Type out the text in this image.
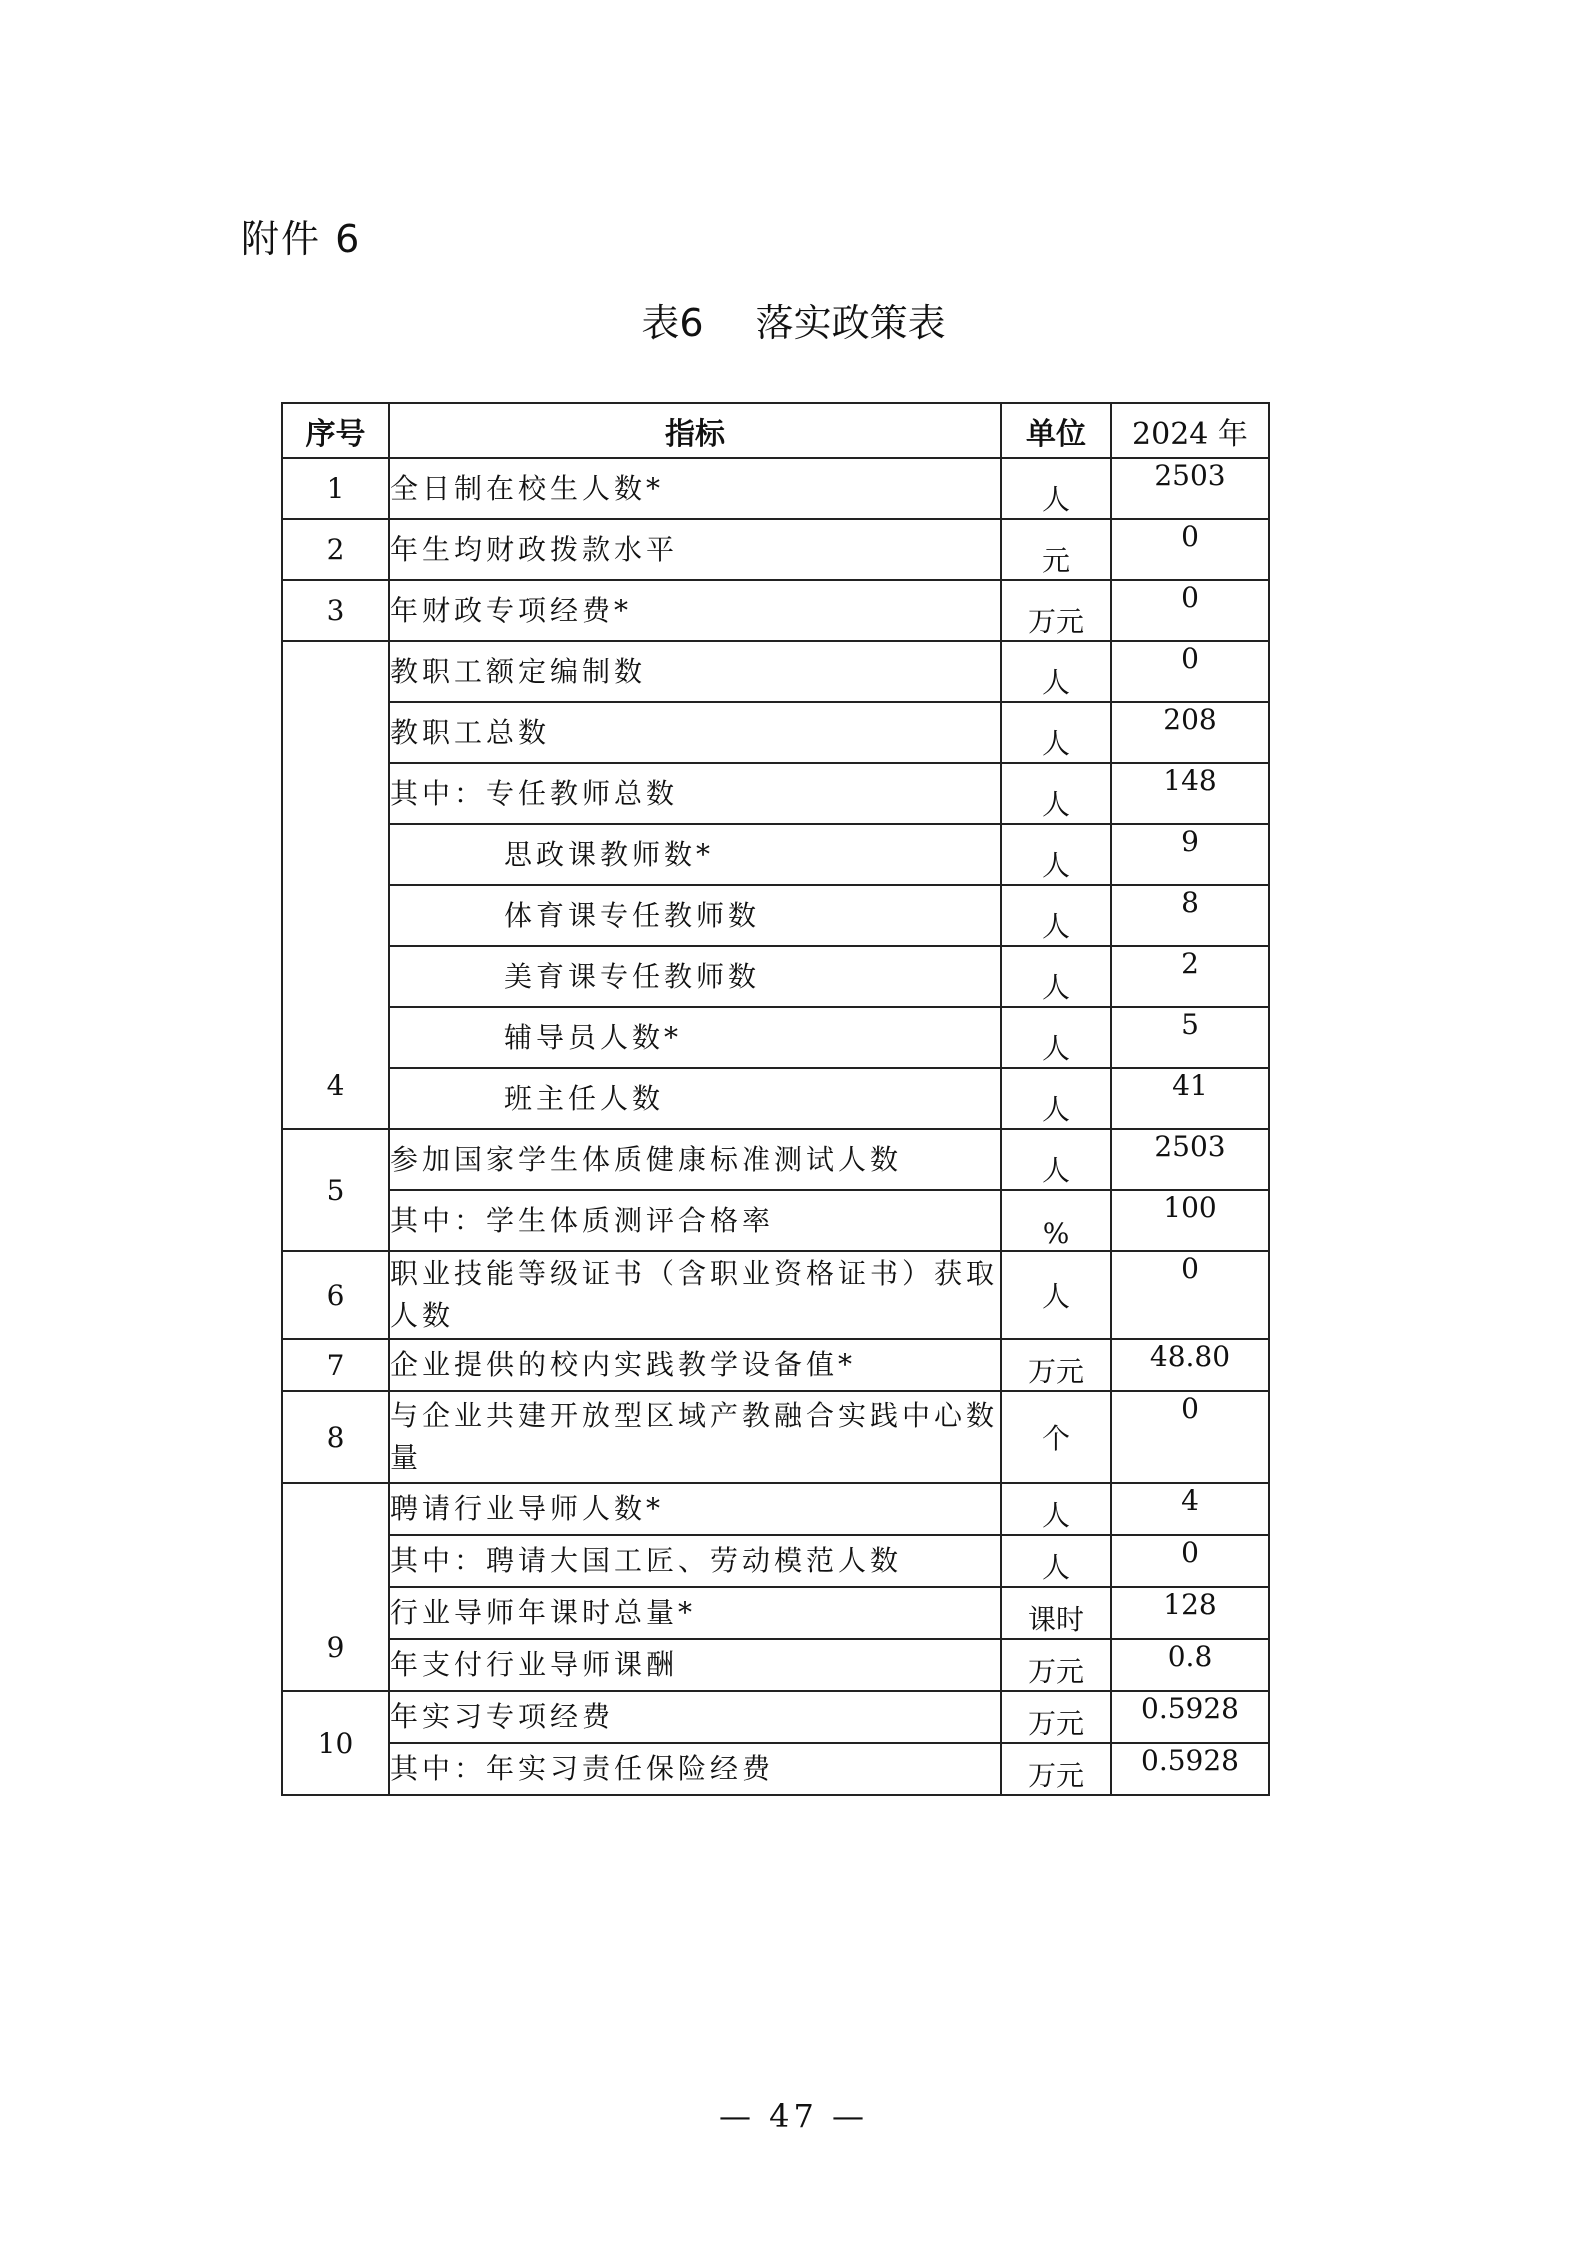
附件 6
表6 落实政策表
序号	指标	单位	2024 年
1	全日制在校生人数*	人	2503
2	年生均财政拨款水平	元	0
3	年财政专项经费*	万元	0
4	教职工额定编制数	人	0
	教职工总数	人	208
	其中：专任教师总数	人	148
	思政课教师数*	人	9
	体育课专任教师数	人	8
	美育课专任教师数	人	2
	辅导员人数*	人	5
	班主任人数	人	41
5	参加国家学生体质健康标准测试人数	人	2503
	其中：学生体质测评合格率	%	100
6	职业技能等级证书（含职业资格证书）获取人数	人	0
7	企业提供的校内实践教学设备值*	万元	48.80
8	与企业共建开放型区域产教融合实践中心数量	个	0
9	聘请行业导师人数*	人	4
	其中：聘请大国工匠、劳动模范人数	人	0
	行业导师年课时总量*	课时	128
	年支付行业导师课酬	万元	0.8
10	年实习专项经费	万元	0.5928
	其中：年实习责任保险经费	万元	0.5928
— 47 —
